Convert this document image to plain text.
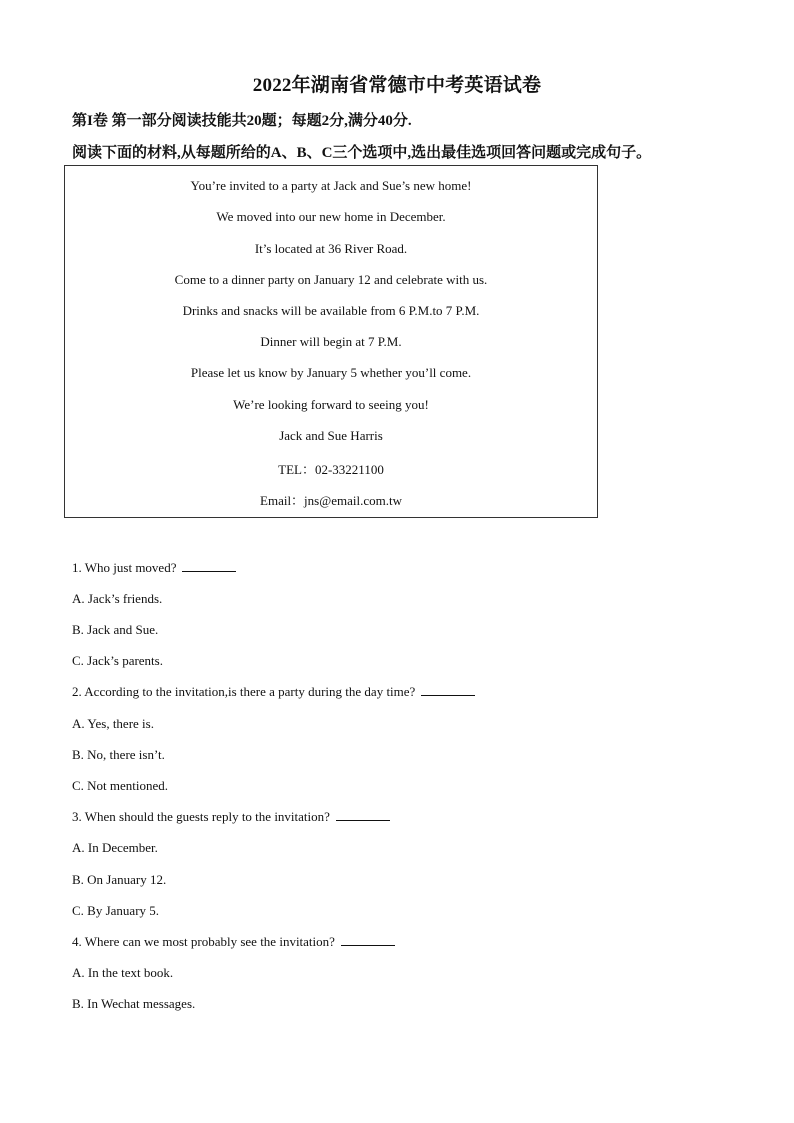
2022年湖南省常德市中考英语试卷
第I卷 第一部分阅读技能共20题；每题2分,满分40分.
阅读下面的材料,从每题所给的A、B、C三个选项中,选出最佳选项回答问题或完成句子。
You’re invited to a party at Jack and Sue’s new home!
We moved into our new home in December.
It’s located at 36 River Road.
Come to a dinner party on January 12 and celebrate with us.
Drinks and snacks will be available from 6 P.M.to 7 P.M.
Dinner will begin at 7 P.M.
Please let us know by January 5 whether you’ll come.
We’re looking forward to seeing you!
Jack and Sue Harris
TEL：02-33221100
Email：jns@email.com.tw
1. Who just moved?
A. Jack’s friends.
B. Jack and Sue.
C. Jack’s parents.
2. According to the invitation,is there a party during the day time?
A. Yes, there is.
B. No, there isn’t.
C. Not mentioned.
3. When should the guests reply to the invitation?
A. In December.
B. On January 12.
C. By January 5.
4. Where can we most probably see the invitation?
A. In the text book.
B. In Wechat messages.
